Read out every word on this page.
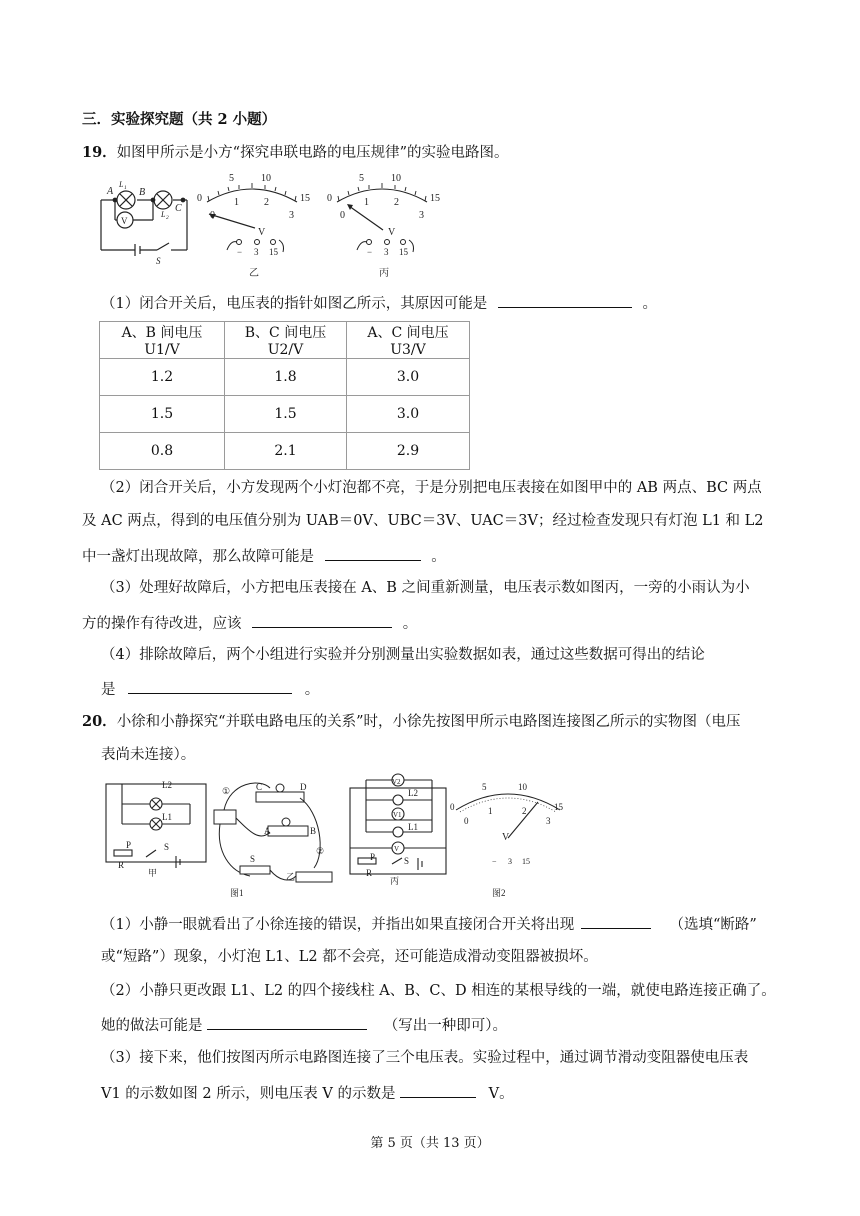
三．实验探究题（共 2 小题）
19．如图甲所示是小方“探究串联电路的电压规律”的实验电路图。
A	B
C
L 1
L 2
V
S
0
5	10
15
0
1	2
3
V
− 3 15
乙
0
5	10
15
0
1	2
3
V
− 3 15
丙
（1）闭合开关后，电压表的指针如图乙所示，其原因可能是	。
A、B 间电压 U1/V	B、C 间电压 U2/V	A、C 间电压 U3/V
1.2	1.8	3.0
1.5	1.5	3.0
0.8	2.1	2.9
（2）闭合开关后，小方发现两个小灯泡都不亮，于是分别把电压表接在如图甲中的 AB 两点、BC 两点
及 AC 两点，得到的电压值分别为 UAB＝0V、UBC＝3V、UAC＝3V；经过检查发现只有灯泡 L1 和 L2
中一盏灯出现故障，那么故障可能是	。
（3）处理好故障后，小方把电压表接在 A、B 之间重新测量，电压表示数如图丙，一旁的小雨认为小
方的操作有待改进，应该	。
（4）排除故障后，两个小组进行实验并分别测量出实验数据如表，通过这些数据可得出的结论
是	。
20．小徐和小静探究“并联电路电压的关系”时，小徐先按图甲所示电路图连接图乙所示的实物图（电压
表尚未连接）。
0
5	10
15
0
1	2
3
V
− 3 15
图2
L2
L1
P
R
S
甲
①	C	D
A	B
S
②
乙
图1
V2
V1
V
L2
L1
P
R
S
丙
（1）小静一眼就看出了小徐连接的错误，并指出如果直接闭合开关将出现	（选填“断路”
或“短路”）现象，小灯泡 L1、L2 都不会亮，还可能造成滑动变阻器被损坏。
（2）小静只更改跟 L1、L2 的四个接线柱 A、B、C、D 相连的某根导线的一端，就使电路连接正确了。
她的做法可能是	（写出一种即可）。
（3）接下来，他们按图丙所示电路图连接了三个电压表。实验过程中，通过调节滑动变阻器使电压表
V1 的示数如图 2 所示，则电压表 V 的示数是	V。
第 5 页（共 13 页）
